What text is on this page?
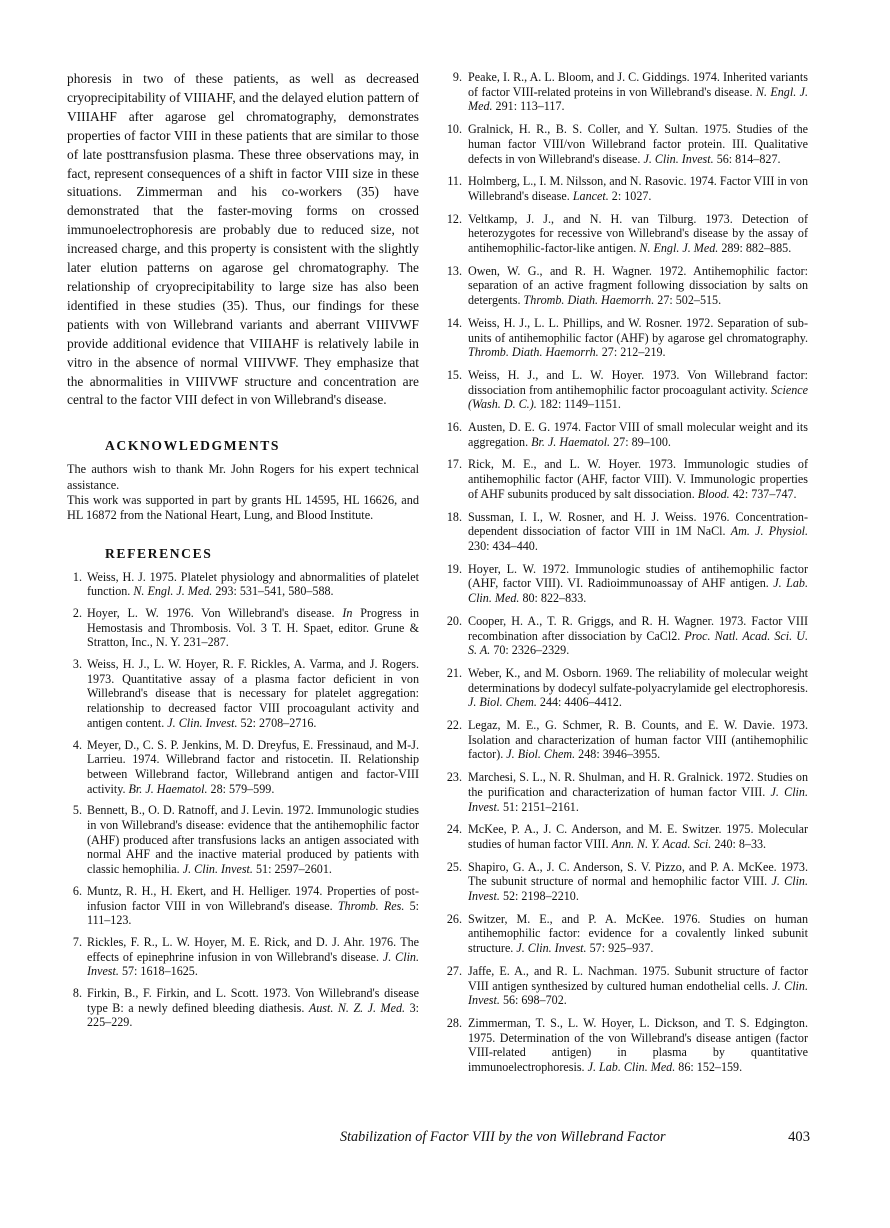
phoresis in two of these patients, as well as decreased cryoprecipitability of VIIIAHF, and the delayed elution pattern of VIIIAHF after agarose gel chromatography, demonstrates properties of factor VIII in these patients that are similar to those of late posttransfusion plasma. These three observations may, in fact, represent consequences of a shift in factor VIII size in these situations. Zimmerman and his co-workers (35) have demonstrated that the faster-moving forms on crossed immunoelectrophoresis are probably due to reduced size, not increased charge, and this property is consistent with the slightly later elution patterns on agarose gel chromatography. The relationship of cryoprecipitability to large size has also been identified in these studies (35). Thus, our findings for these patients with von Willebrand variants and aberrant VIIIVWF provide additional evidence that VIIIAHF is relatively labile in vitro in the absence of normal VIIIVWF. They emphasize that the abnormalities in VIIIVWF structure and concentration are central to the factor VIII defect in von Willebrand's disease.

ACKNOWLEDGMENTS

The authors wish to thank Mr. John Rogers for his expert technical assistance.

This work was supported in part by grants HL 14595, HL 16626, and HL 16872 from the National Heart, Lung, and Blood Institute.

REFERENCES
1. Weiss, H. J. 1975. Platelet physiology and abnormalities of platelet function. N. Engl. J. Med. 293: 531–541, 580–588.
2. Hoyer, L. W. 1976. Von Willebrand's disease. In Progress in Hemostasis and Thrombosis. Vol. 3 T. H. Spaet, editor. Grune & Stratton, Inc., N. Y. 231–287.
3. Weiss, H. J., L. W. Hoyer, R. F. Rickles, A. Varma, and J. Rogers. 1973. Quantitative assay of a plasma factor deficient in von Willebrand's disease that is necessary for platelet aggregation: relationship to decreased factor VIII procoagulant activity and antigen content. J. Clin. Invest. 52: 2708–2716.
4. Meyer, D., C. S. P. Jenkins, M. D. Dreyfus, E. Fressinaud, and M-J. Larrieu. 1974. Willebrand factor and ristocetin. II. Relationship between Willebrand factor, Willebrand antigen and factor-VIII activity. Br. J. Haematol. 28: 579–599.
5. Bennett, B., O. D. Ratnoff, and J. Levin. 1972. Immunologic studies in von Willebrand's disease: evidence that the antihemophilic factor (AHF) produced after transfusions lacks an antigen associated with normal AHF and the inactive material produced by patients with classic hemophilia. J. Clin. Invest. 51: 2597–2601.
6. Muntz, R. H., H. Ekert, and H. Helliger. 1974. Properties of post-infusion factor VIII in von Willebrand's disease. Thromb. Res. 5: 111–123.
7. Rickles, F. R., L. W. Hoyer, M. E. Rick, and D. J. Ahr. 1976. The effects of epinephrine infusion in von Willebrand's disease. J. Clin. Invest. 57: 1618–1625.
8. Firkin, B., F. Firkin, and L. Scott. 1973. Von Willebrand's disease type B: a newly defined bleeding diathesis. Aust. N. Z. J. Med. 3: 225–229.
9. Peake, I. R., A. L. Bloom, and J. C. Giddings. 1974. Inherited variants of factor VIII-related proteins in von Willebrand's disease. N. Engl. J. Med. 291: 113–117.
10. Gralnick, H. R., B. S. Coller, and Y. Sultan. 1975. Studies of the human factor VIII/von Willebrand factor protein. III. Qualitative defects in von Willebrand's disease. J. Clin. Invest. 56: 814–827.
11. Holmberg, L., I. M. Nilsson, and N. Rasovic. 1974. Factor VIII in von Willebrand's disease. Lancet. 2: 1027.
12. Veltkamp, J. J., and N. H. van Tilburg. 1973. Detection of heterozygotes for recessive von Willebrand's disease by the assay of antihemophilic-factor-like antigen. N. Engl. J. Med. 289: 882–885.
13. Owen, W. G., and R. H. Wagner. 1972. Antihemophilic factor: separation of an active fragment following dissociation by salts on detergents. Thromb. Diath. Haemorrh. 27: 502–515.
14. Weiss, H. J., L. L. Phillips, and W. Rosner. 1972. Separation of sub-units of antihemophilic factor (AHF) by agarose gel chromatography. Thromb. Diath. Haemorrh. 27: 212–219.
15. Weiss, H. J., and L. W. Hoyer. 1973. Von Willebrand factor: dissociation from antihemophilic factor procoagulant activity. Science (Wash. D. C.). 182: 1149–1151.
16. Austen, D. E. G. 1974. Factor VIII of small molecular weight and its aggregation. Br. J. Haematol. 27: 89–100.
17. Rick, M. E., and L. W. Hoyer. 1973. Immunologic studies of antihemophilic factor (AHF, factor VIII). V. Immunologic properties of AHF subunits produced by salt dissociation. Blood. 42: 737–747.
18. Sussman, I. I., W. Rosner, and H. J. Weiss. 1976. Concentration-dependent dissociation of factor VIII in 1M NaCl. Am. J. Physiol. 230: 434–440.
19. Hoyer, L. W. 1972. Immunologic studies of antihemophilic factor (AHF, factor VIII). VI. Radioimmunoassay of AHF antigen. J. Lab. Clin. Med. 80: 822–833.
20. Cooper, H. A., T. R. Griggs, and R. H. Wagner. 1973. Factor VIII recombination after dissociation by CaCl2. Proc. Natl. Acad. Sci. U. S. A. 70: 2326–2329.
21. Weber, K., and M. Osborn. 1969. The reliability of molecular weight determinations by dodecyl sulfate-polyacrylamide gel electrophoresis. J. Biol. Chem. 244: 4406–4412.
22. Legaz, M. E., G. Schmer, R. B. Counts, and E. W. Davie. 1973. Isolation and characterization of human factor VIII (antihemophilic factor). J. Biol. Chem. 248: 3946–3955.
23. Marchesi, S. L., N. R. Shulman, and H. R. Gralnick. 1972. Studies on the purification and characterization of human factor VIII. J. Clin. Invest. 51: 2151–2161.
24. McKee, P. A., J. C. Anderson, and M. E. Switzer. 1975. Molecular studies of human factor VIII. Ann. N. Y. Acad. Sci. 240: 8–33.
25. Shapiro, G. A., J. C. Anderson, S. V. Pizzo, and P. A. McKee. 1973. The subunit structure of normal and hemophilic factor VIII. J. Clin. Invest. 52: 2198–2210.
26. Switzer, M. E., and P. A. McKee. 1976. Studies on human antihemophilic factor: evidence for a covalently linked subunit structure. J. Clin. Invest. 57: 925–937.
27. Jaffe, E. A., and R. L. Nachman. 1975. Subunit structure of factor VIII antigen synthesized by cultured human endothelial cells. J. Clin. Invest. 56: 698–702.
28. Zimmerman, T. S., L. W. Hoyer, L. Dickson, and T. S. Edgington. 1975. Determination of the von Willebrand's disease antigen (factor VIII-related antigen) in plasma by quantitative immunoelectrophoresis. J. Lab. Clin. Med. 86: 152–159.
Stabilization of Factor VIII by the von Willebrand Factor	403
